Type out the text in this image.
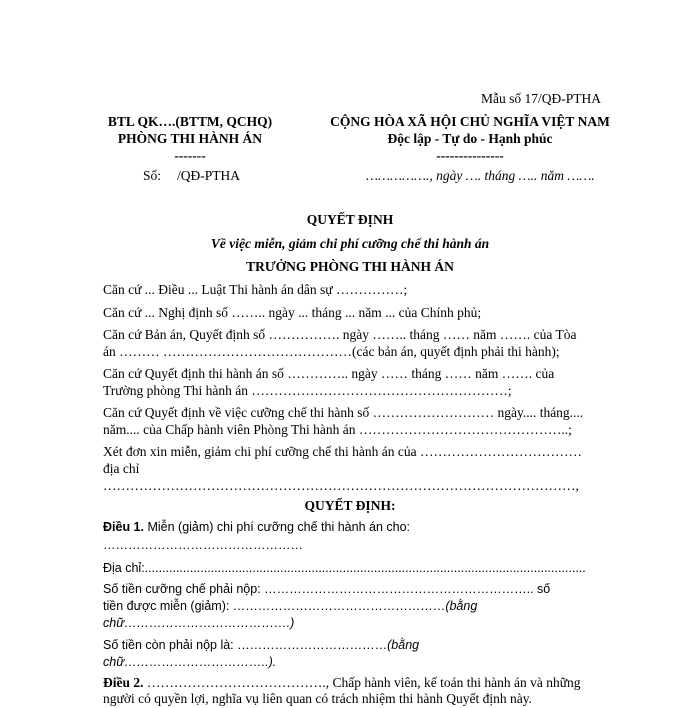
Mẫu số 17/QĐ-PTHA
BTL QK….(BTTM, QCHQ)
PHÒNG THI HÀNH ÁN
-------
CỘNG HÒA XÃ HỘI CHỦ NGHĨA VIỆT NAM
Độc lập - Tự do - Hạnh phúc
---------------
Số: /QĐ-PTHA	……………., ngày …. tháng ….. năm …….
QUYẾT ĐỊNH
Về việc miễn, giảm chi phí cưỡng chế thi hành án
TRƯỞNG PHÒNG THI HÀNH ÁN
Căn cứ ... Điều ... Luật Thi hành án dân sự ……………;
Căn cứ ... Nghị định số …….. ngày ... tháng ... năm ... của Chính phủ;
Căn cứ Bản án, Quyết định số ……………. ngày …….. tháng …… năm ……. của Tòa
án ……… ……………………………………(các bản án, quyết định phải thi hành);
Căn cứ Quyết định thi hành án số ………….. ngày …… tháng …… năm ……. của
Trường phòng Thi hành án …………………………………………………;
Căn cứ Quyết định về việc cưỡng chế thi hành số ……………………… ngày.... tháng....
năm.... của Chấp hành viên Phòng Thi hành án ………………………………………..;
Xét đơn xin miễn, giảm chi phí cưỡng chế thi hành án của ………………………………
địa chỉ
……………………………………………………………………………………………,
QUYẾT ĐỊNH:
Điều 1. Miễn (giảm) chi phí cưỡng chế thi hành án cho:
…………………………………………
Địa chỉ:...............................................................................................................................
Số tiền cưỡng chế phải nộp: ……………………………………………………….. số
tiền được miễn (giảm): ……………………………………………(bằng
chữ………………………………….)
Số tiền còn phải nộp là: ………………………………(bằng
chữ……………………………..).
Điều 2. …………………………………., Chấp hành viên, kế toán thi hành án và những
người có quyền lợi, nghĩa vụ liên quan có trách nhiệm thi hành Quyết định này.
